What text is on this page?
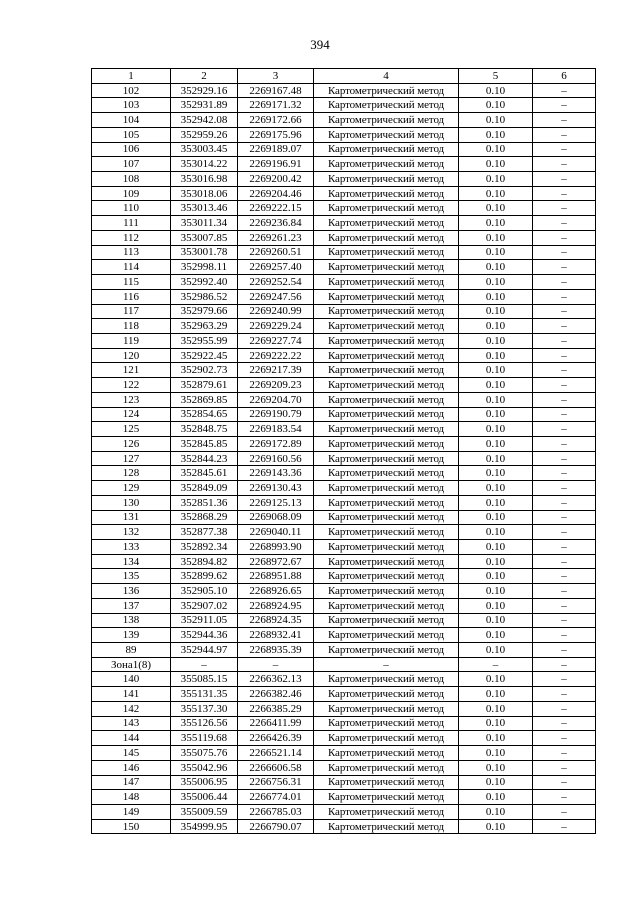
394
1	2	3	4	5	6
102	352929.16	2269167.48	Картометрический метод	0.10	–
103	352931.89	2269171.32	Картометрический метод	0.10	–
104	352942.08	2269172.66	Картометрический метод	0.10	–
105	352959.26	2269175.96	Картометрический метод	0.10	–
106	353003.45	2269189.07	Картометрический метод	0.10	–
107	353014.22	2269196.91	Картометрический метод	0.10	–
108	353016.98	2269200.42	Картометрический метод	0.10	–
109	353018.06	2269204.46	Картометрический метод	0.10	–
110	353013.46	2269222.15	Картометрический метод	0.10	–
111	353011.34	2269236.84	Картометрический метод	0.10	–
112	353007.85	2269261.23	Картометрический метод	0.10	–
113	353001.78	2269260.51	Картометрический метод	0.10	–
114	352998.11	2269257.40	Картометрический метод	0.10	–
115	352992.40	2269252.54	Картометрический метод	0.10	–
116	352986.52	2269247.56	Картометрический метод	0.10	–
117	352979.66	2269240.99	Картометрический метод	0.10	–
118	352963.29	2269229.24	Картометрический метод	0.10	–
119	352955.99	2269227.74	Картометрический метод	0.10	–
120	352922.45	2269222.22	Картометрический метод	0.10	–
121	352902.73	2269217.39	Картометрический метод	0.10	–
122	352879.61	2269209.23	Картометрический метод	0.10	–
123	352869.85	2269204.70	Картометрический метод	0.10	–
124	352854.65	2269190.79	Картометрический метод	0.10	–
125	352848.75	2269183.54	Картометрический метод	0.10	–
126	352845.85	2269172.89	Картометрический метод	0.10	–
127	352844.23	2269160.56	Картометрический метод	0.10	–
128	352845.61	2269143.36	Картометрический метод	0.10	–
129	352849.09	2269130.43	Картометрический метод	0.10	–
130	352851.36	2269125.13	Картометрический метод	0.10	–
131	352868.29	2269068.09	Картометрический метод	0.10	–
132	352877.38	2269040.11	Картометрический метод	0.10	–
133	352892.34	2268993.90	Картометрический метод	0.10	–
134	352894.82	2268972.67	Картометрический метод	0.10	–
135	352899.62	2268951.88	Картометрический метод	0.10	–
136	352905.10	2268926.65	Картометрический метод	0.10	–
137	352907.02	2268924.95	Картометрический метод	0.10	–
138	352911.05	2268924.35	Картометрический метод	0.10	–
139	352944.36	2268932.41	Картометрический метод	0.10	–
89	352944.97	2268935.39	Картометрический метод	0.10	–
Зона1(8)	–	–	–	–	–
140	355085.15	2266362.13	Картометрический метод	0.10	–
141	355131.35	2266382.46	Картометрический метод	0.10	–
142	355137.30	2266385.29	Картометрический метод	0.10	–
143	355126.56	2266411.99	Картометрический метод	0.10	–
144	355119.68	2266426.39	Картометрический метод	0.10	–
145	355075.76	2266521.14	Картометрический метод	0.10	–
146	355042.96	2266606.58	Картометрический метод	0.10	–
147	355006.95	2266756.31	Картометрический метод	0.10	–
148	355006.44	2266774.01	Картометрический метод	0.10	–
149	355009.59	2266785.03	Картометрический метод	0.10	–
150	354999.95	2266790.07	Картометрический метод	0.10	–
